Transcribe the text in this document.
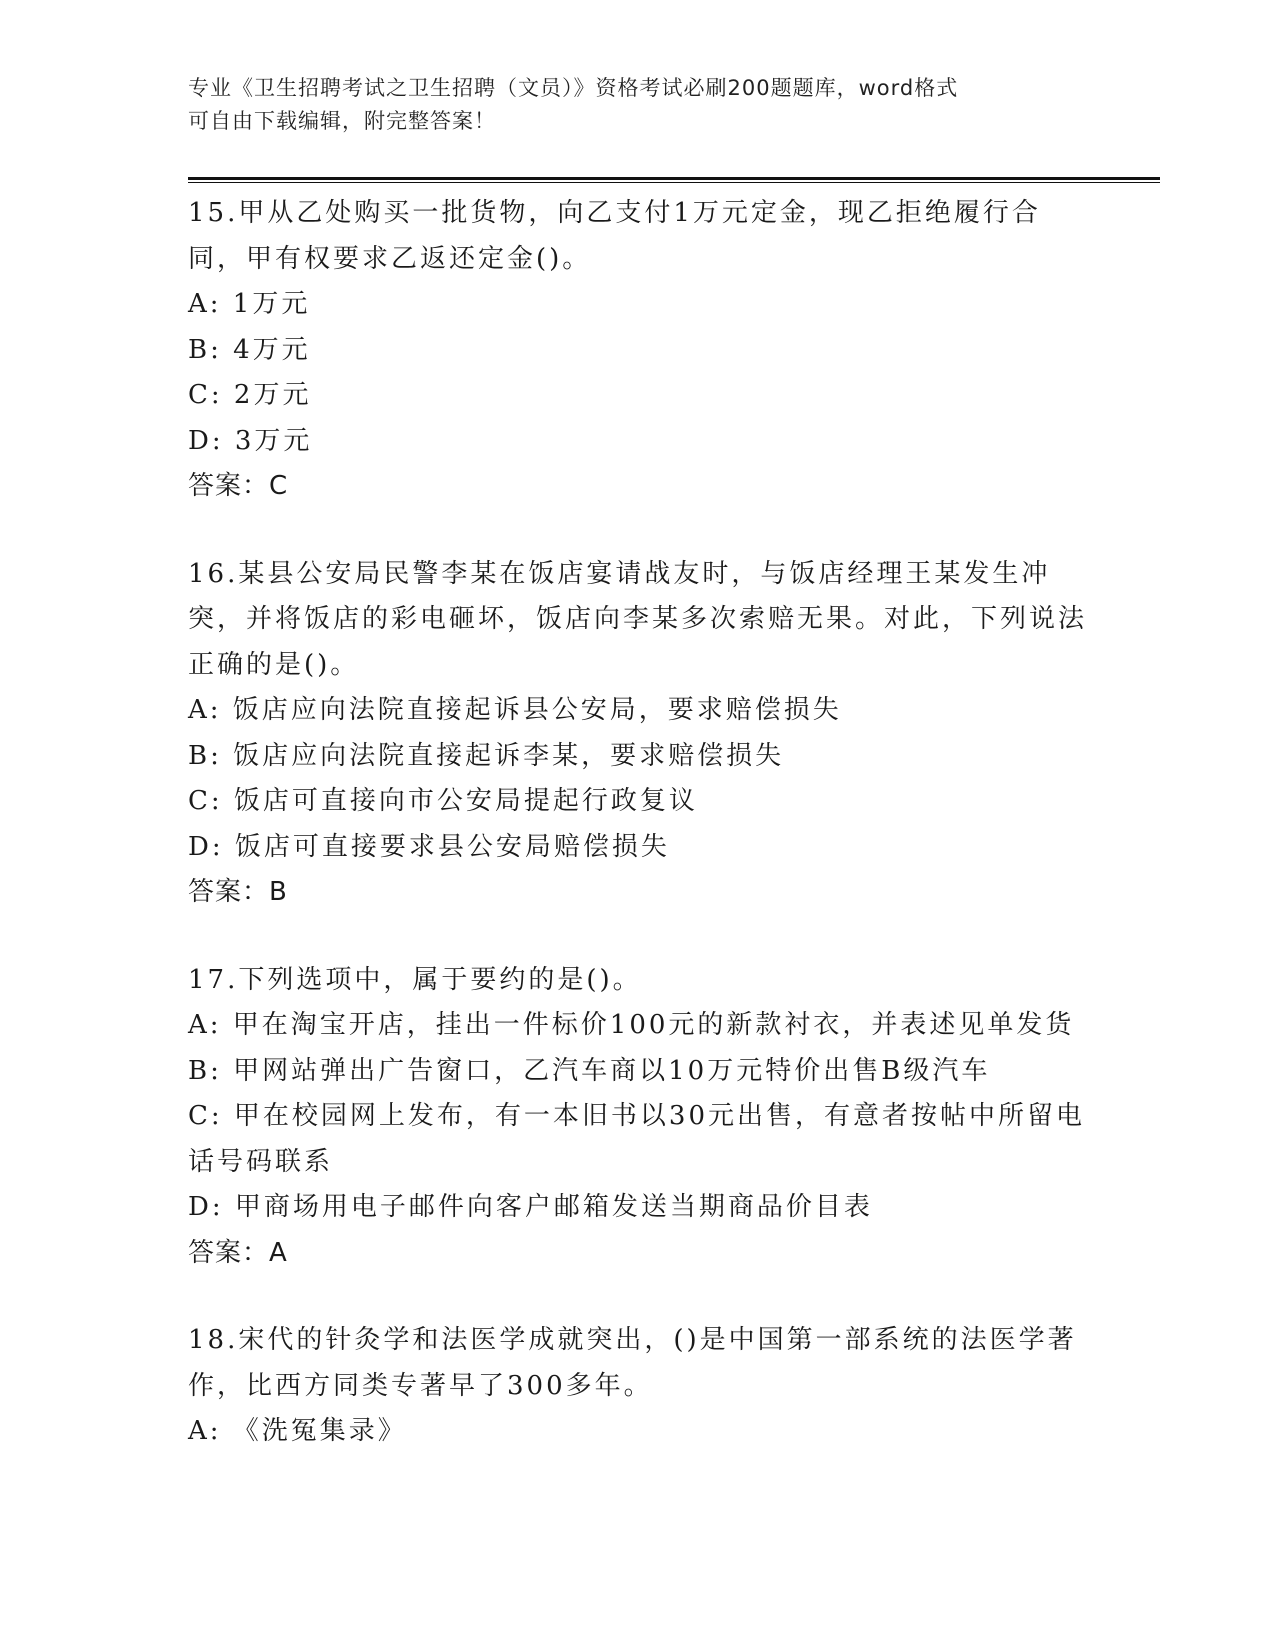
专业《卫生招聘考试之卫生招聘（文员）》资格考试必刷200题题库，word格式
可自由下载编辑，附完整答案！

15.甲从乙处购买一批货物，向乙支付1万元定金，现乙拒绝履行合同，甲有权要求乙返还定金()。

A: 1万元

B: 4万元

C: 2万元

D: 3万元

答案：C

16.某县公安局民警李某在饭店宴请战友时，与饭店经理王某发生冲突，并将饭店的彩电砸坏，饭店向李某多次索赔无果。对此，下列说法正确的是()。

A: 饭店应向法院直接起诉县公安局，要求赔偿损失

B: 饭店应向法院直接起诉李某，要求赔偿损失

C: 饭店可直接向市公安局提起行政复议

D: 饭店可直接要求县公安局赔偿损失

答案：B

17.下列选项中，属于要约的是()。

A: 甲在淘宝开店，挂出一件标价100元的新款衬衣，并表述见单发货

B: 甲网站弹出广告窗口，乙汽车商以10万元特价出售B级汽车

C: 甲在校园网上发布，有一本旧书以30元出售，有意者按帖中所留电话号码联系

D: 甲商场用电子邮件向客户邮箱发送当期商品价目表

答案：A

18.宋代的针灸学和法医学成就突出，()是中国第一部系统的法医学著作，比西方同类专著早了300多年。

A: 《洗冤集录》
